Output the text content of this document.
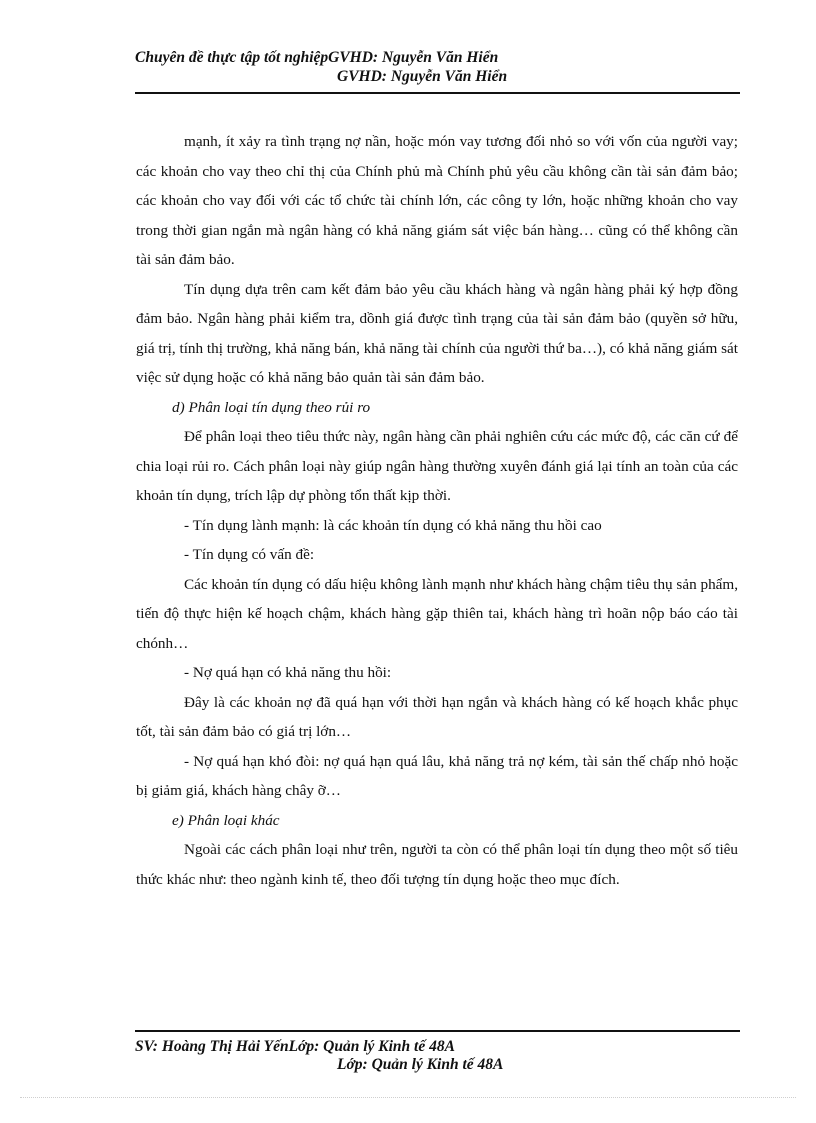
Chuyên đề thực tập tốt nghiệpGVHD: Nguyễn Văn Hiển
GVHD: Nguyễn Văn Hiển

mạnh, ít xảy ra tình trạng nợ nần, hoặc món vay tương đối nhỏ so với vốn của người vay; các khoản cho vay theo chỉ thị của Chính phủ mà Chính phủ yêu cầu không cần tài sản đảm bảo; các khoản cho vay đối với các tổ chức tài chính lớn, các công ty lớn, hoặc những khoản cho vay trong thời gian ngắn mà ngân hàng có khả năng giám sát việc bán hàng… cũng có thể không cần tài sản đảm bảo.

Tín dụng dựa trên cam kết đảm bảo yêu cầu khách hàng và ngân hàng phải ký hợp đồng đảm bảo. Ngân hàng phải kiểm tra, dồnh giá được tình trạng của tài sản đảm bảo (quyền sở hữu, giá trị, tính thị trường, khả năng bán, khả năng tài chính của người thứ ba…), có khả năng giám sát việc sử dụng hoặc có khả năng bảo quản tài sản đảm bảo.

d) Phân loại tín dụng theo rủi ro

Để phân loại theo tiêu thức này, ngân hàng cần phải nghiên cứu các mức độ, các căn cứ để chia loại rủi ro. Cách phân loại này giúp ngân hàng thường xuyên đánh giá lại tính an toàn của các khoản tín dụng, trích lập dự phòng tổn thất kịp thời.

- Tín dụng lành mạnh: là các khoản tín dụng có khả năng thu hồi cao

- Tín dụng có vấn đề:

Các khoản tín dụng có dấu hiệu không lành mạnh như khách hàng chậm tiêu thụ sản phẩm, tiến độ thực hiện kế hoạch chậm, khách hàng gặp thiên tai, khách hàng trì hoãn nộp báo cáo tài chónh…

- Nợ quá hạn có khả năng thu hồi:

Đây là các khoản nợ đã quá hạn với thời hạn ngắn và khách hàng có kế hoạch khắc phục tốt, tài sản đảm bảo có giá trị lớn…

- Nợ quá hạn khó đòi: nợ quá hạn quá lâu, khả năng trả nợ kém, tài sản thế chấp nhỏ hoặc bị giảm giá, khách hàng chây ỡ…

e) Phân loại khác

Ngoài các cách phân loại như trên, người ta còn có thể phân loại tín dụng theo một số tiêu thức khác như: theo ngành kinh tế, theo đối tượng tín dụng hoặc theo mục đích.

SV: Hoàng Thị Hải YếnLớp: Quản lý Kinh tế 48A
Lớp: Quản lý Kinh tế 48A
